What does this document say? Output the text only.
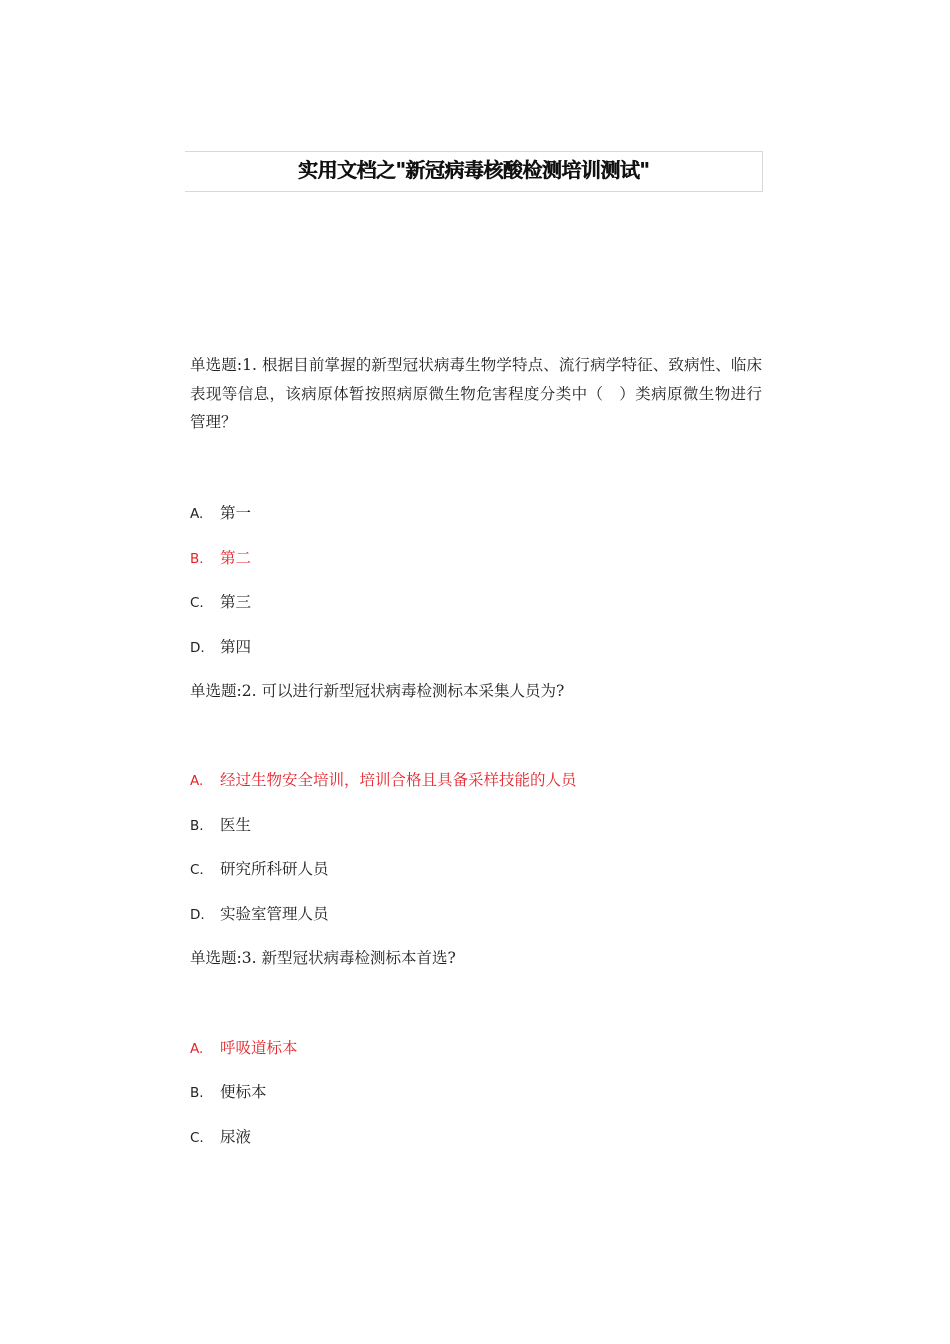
实用文档之"新冠病毒核酸检测培训测试"
单选题:1. 根据目前掌握的新型冠状病毒生物学特点、流行病学特征、致病性、临床表现等信息，该病原体暂按照病原微生物危害程度分类中（　）类病原微生物进行管理？
A. 第一
B. 第二
C. 第三
D. 第四
单选题:2. 可以进行新型冠状病毒检测标本采集人员为?
A. 经过生物安全培训，培训合格且具备采样技能的人员
B. 医生
C. 研究所科研人员
D. 实验室管理人员
单选题:3. 新型冠状病毒检测标本首选?
A. 呼吸道标本
B. 便标本
C. 尿液
